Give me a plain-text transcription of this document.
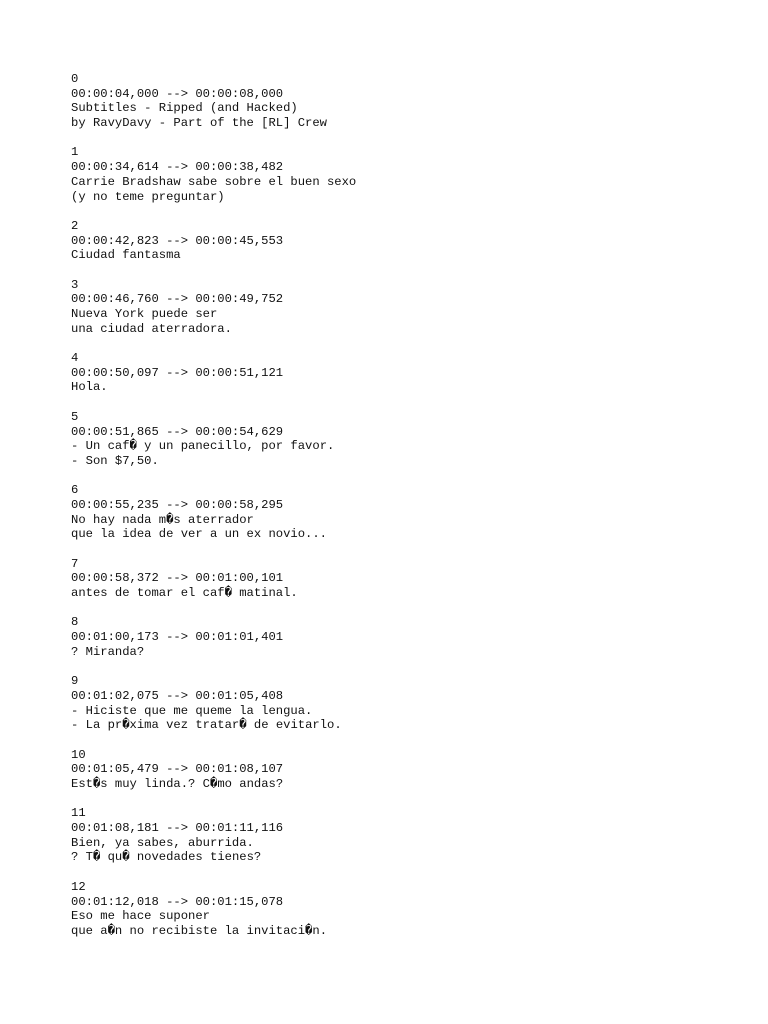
0
00:00:04,000 --> 00:00:08,000
Subtitles - Ripped (and Hacked)
by RavyDavy - Part of the [RL] Crew
1
00:00:34,614 --> 00:00:38,482
Carrie Bradshaw sabe sobre el buen sexo
(y no teme preguntar)
2
00:00:42,823 --> 00:00:45,553
Ciudad fantasma
3
00:00:46,760 --> 00:00:49,752
Nueva York puede ser
una ciudad aterradora.
4
00:00:50,097 --> 00:00:51,121
Hola.
5
00:00:51,865 --> 00:00:54,629
- Un caf� y un panecillo, por favor.
- Son $7,50.
6
00:00:55,235 --> 00:00:58,295
No hay nada m�s aterrador
que la idea de ver a un ex novio...
7
00:00:58,372 --> 00:01:00,101
antes de tomar el caf� matinal.
8
00:01:00,173 --> 00:01:01,401
? Miranda?
9
00:01:02,075 --> 00:01:05,408
- Hiciste que me queme la lengua.
- La pr�xima vez tratar� de evitarlo.
10
00:01:05,479 --> 00:01:08,107
Est�s muy linda.? C�mo andas?
11
00:01:08,181 --> 00:01:11,116
Bien, ya sabes, aburrida.
? T� qu� novedades tienes?
12
00:01:12,018 --> 00:01:15,078
Eso me hace suponer
que a�n no recibiste la invitaci�n.
